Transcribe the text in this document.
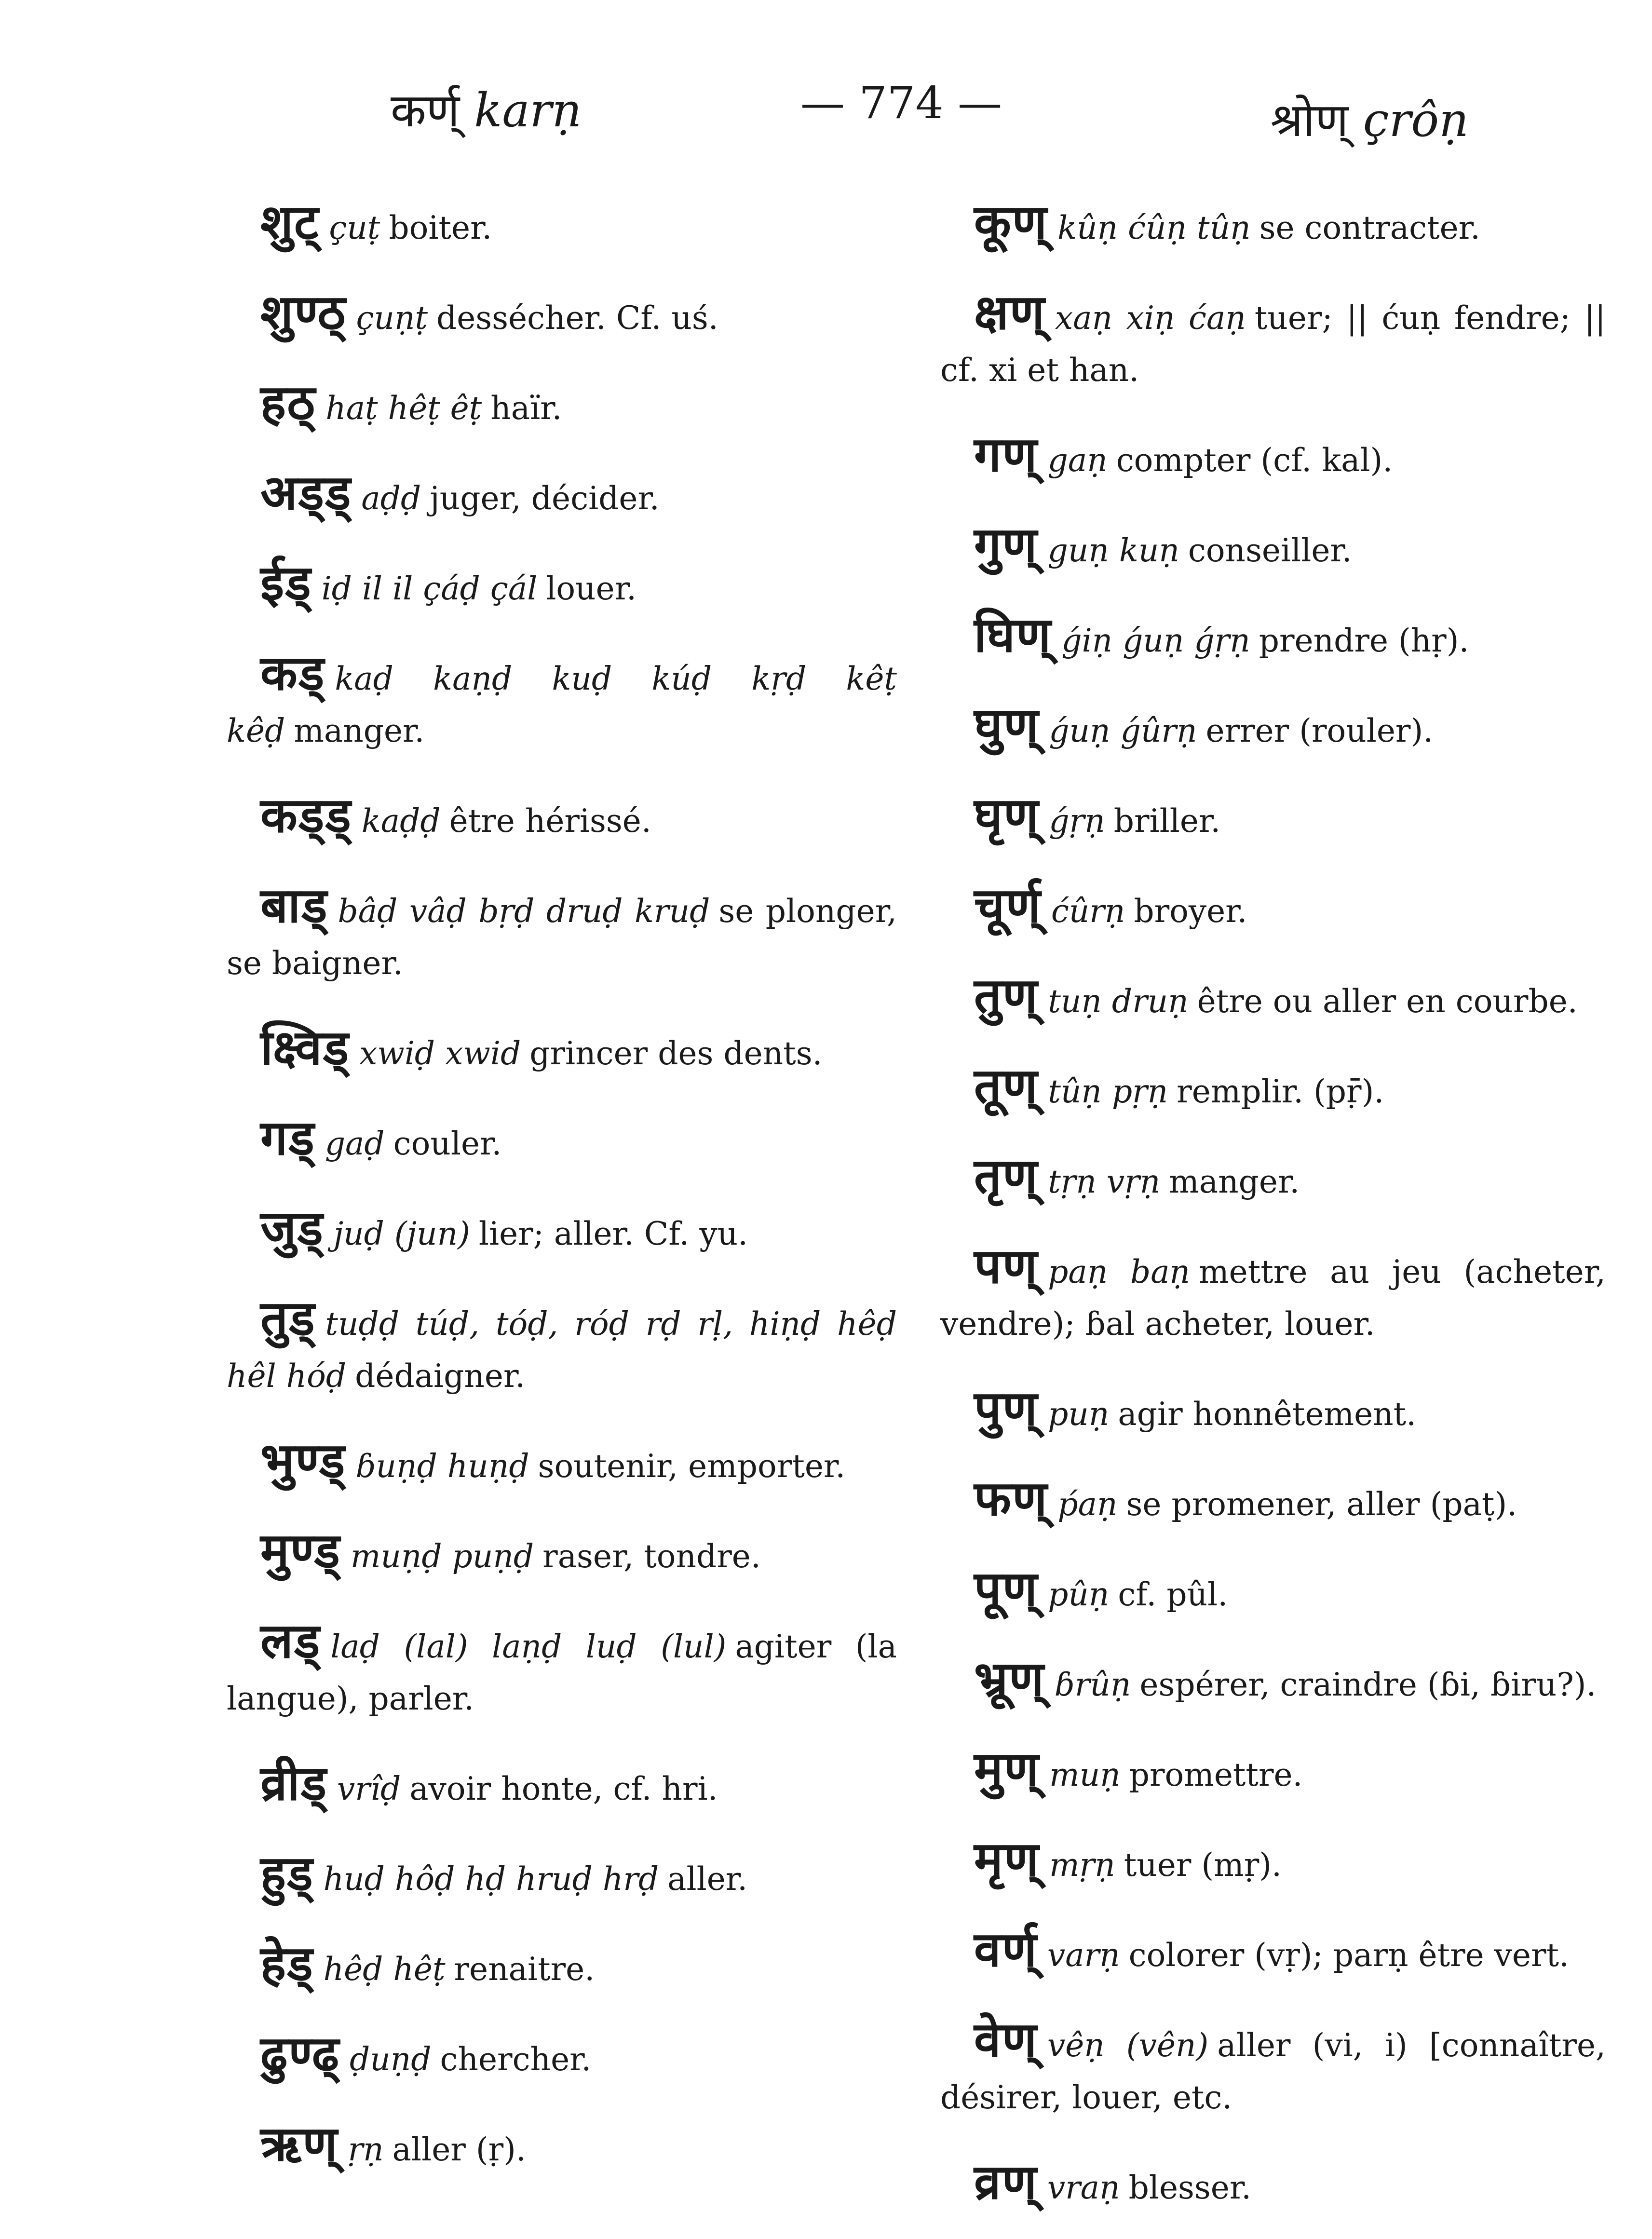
कर्ण् karṇ	— 774 —	श्रोण् çrôṇ

शुट् çuṭ boiter.

शुण्ठ् çuṇṭ dessécher. Cf. uś.

हठ् haṭ hêṭ êṭ haïr.

अड्ड् aḍḍ juger, décider.

ईड् iḍ il il çáḍ çál louer.

कड् kaḍ kaṇḍ kuḍ kúḍ kṛḍ kêṭ kêḍ manger.

कड्ड् kaḍḍ être hérissé.

बाड् bâḍ vâḍ bṛḍ druḍ kruḍ se plonger, se baigner.

क्ष्विड् xwiḍ xwid grincer des dents.

गड् gaḍ couler.

जुड् juḍ (jun) lier; aller. Cf. yu.

तुड् tuḍḍ túḍ, tóḍ, róḍ rḍ rḷ, hiṇḍ hêḍ hêl hóḍ dédaigner.

भुण्ड् ɓuṇḍ huṇḍ soutenir, emporter.

मुण्ड् muṇḍ puṇḍ raser, tondre.

लड् laḍ (lal) laṇḍ luḍ (lul) agiter (la langue), parler.

व्रीड् vrîḍ avoir honte, cf. hri.

हुड् huḍ hôḍ hḍ hruḍ hrḍ aller.

हेड् hêḍ hêṭ renaitre.

ढुण्ढ् ḍuṇḍ chercher.

ऋण् ṛṇ aller (ṛ).

कूण् kûṇ ćûṇ tûṇ se contracter.

क्षण् xaṇ xiṇ ćaṇ tuer; || ćuṇ fendre; || cf. xi et han.

गण् gaṇ compter (cf. kal).

गुण् guṇ kuṇ conseiller.

घिण् ǵiṇ ǵuṇ ǵṛṇ prendre (hṛ).

घुण् ǵuṇ ǵûrṇ errer (rouler).

घृण् ǵṛṇ briller.

चूर्ण् ćûrṇ broyer.

तुण् tuṇ druṇ être ou aller en courbe.

तूण् tûṇ pṛṇ remplir. (pṝ).

तृण् tṛṇ vṛṇ manger.

पण् paṇ baṇ mettre au jeu (acheter, vendre); ɓal acheter, louer.

पुण् puṇ agir honnêtement.

फण् ṕaṇ se promener, aller (paṭ).

पूण् pûṇ cf. pûl.

भ्रूण् ɓrûṇ espérer, craindre (ɓi, ɓiru?).

मुण् muṇ promettre.

मृण् mṛṇ tuer (mṛ).

वर्ण् varṇ colorer (vṛ); parṇ être vert.

वेण् vêṇ (vên) aller (vi, i) [connaître, désirer, louer, etc.

व्रण् vraṇ blesser.
